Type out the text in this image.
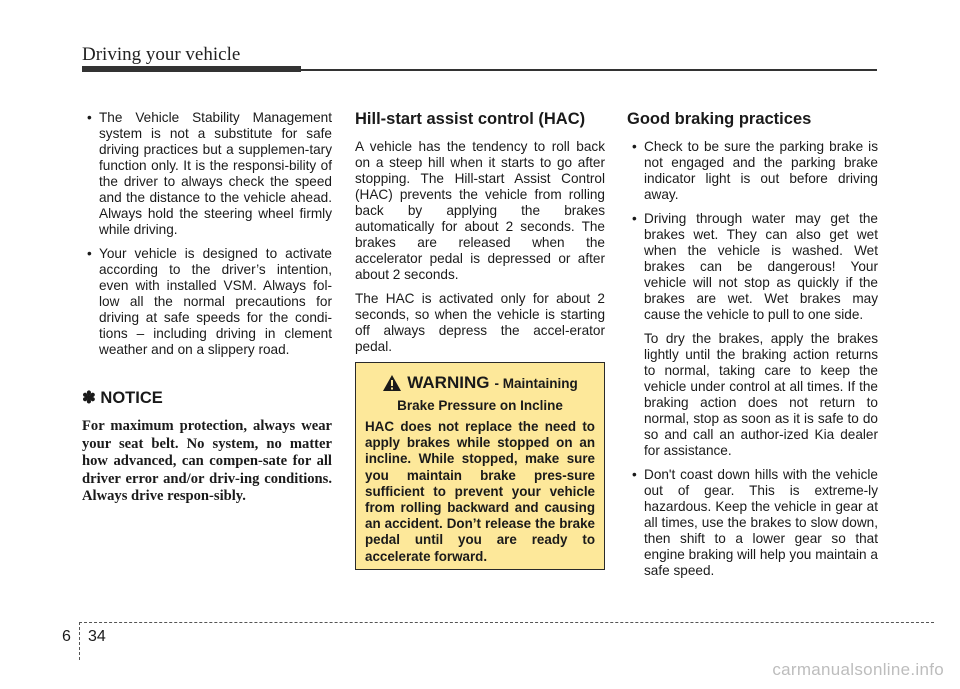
Driving your vehicle
• The Vehicle Stability Management system is not a substitute for safe driving practices but a supplemen-tary function only. It is the responsi-bility of the driver to always check the speed and the distance to the vehicle ahead. Always hold the steering wheel firmly while driving.
• Your vehicle is designed to activate according to the driver’s intention, even with installed VSM. Always fol-low all the normal precautions for driving at safe speeds for the condi-tions – including driving in clement weather and on a slippery road.
✽ NOTICE

For maximum protection, always wear your seat belt. No system, no matter how advanced, can compen-sate for all driver error and/or driv-ing conditions. Always drive respon-sibly.

Hill-start assist control (HAC)

A vehicle has the tendency to roll back on a steep hill when it starts to go after stopping. The Hill-start Assist Control (HAC) prevents the vehicle from rolling back by applying the brakes automatically for about 2 seconds. The brakes are released when the accelerator pedal is depressed or after about 2 seconds.

The HAC is activated only for about 2 seconds, so when the vehicle is starting off always depress the accel-erator pedal.

WARNING - Maintaining
Brake Pressure on Incline

HAC does not replace the need to apply brakes while stopped on an incline. While stopped, make sure you maintain brake pres-sure sufficient to prevent your vehicle from rolling backward and causing an accident. Don’t release the brake pedal until you are ready to accelerate forward.

Good braking practices
• Check to be sure the parking brake is not engaged and the parking brake indicator light is out before driving away.
• Driving through water may get the brakes wet. They can also get wet when the vehicle is washed. Wet brakes can be dangerous! Your vehicle will not stop as quickly if the brakes are wet. Wet brakes may cause the vehicle to pull to one side.
To dry the brakes, apply the brakes lightly until the braking action returns to normal, taking care to keep the vehicle under control at all times. If the braking action does not return to normal, stop as soon as it is safe to do so and call an author-ized Kia dealer for assistance.
• Don't coast down hills with the vehicle out of gear. This is extreme-ly hazardous. Keep the vehicle in gear at all times, use the brakes to slow down, then shift to a lower gear so that engine braking will help you maintain a safe speed.
6 34
carmanualsonline.info
